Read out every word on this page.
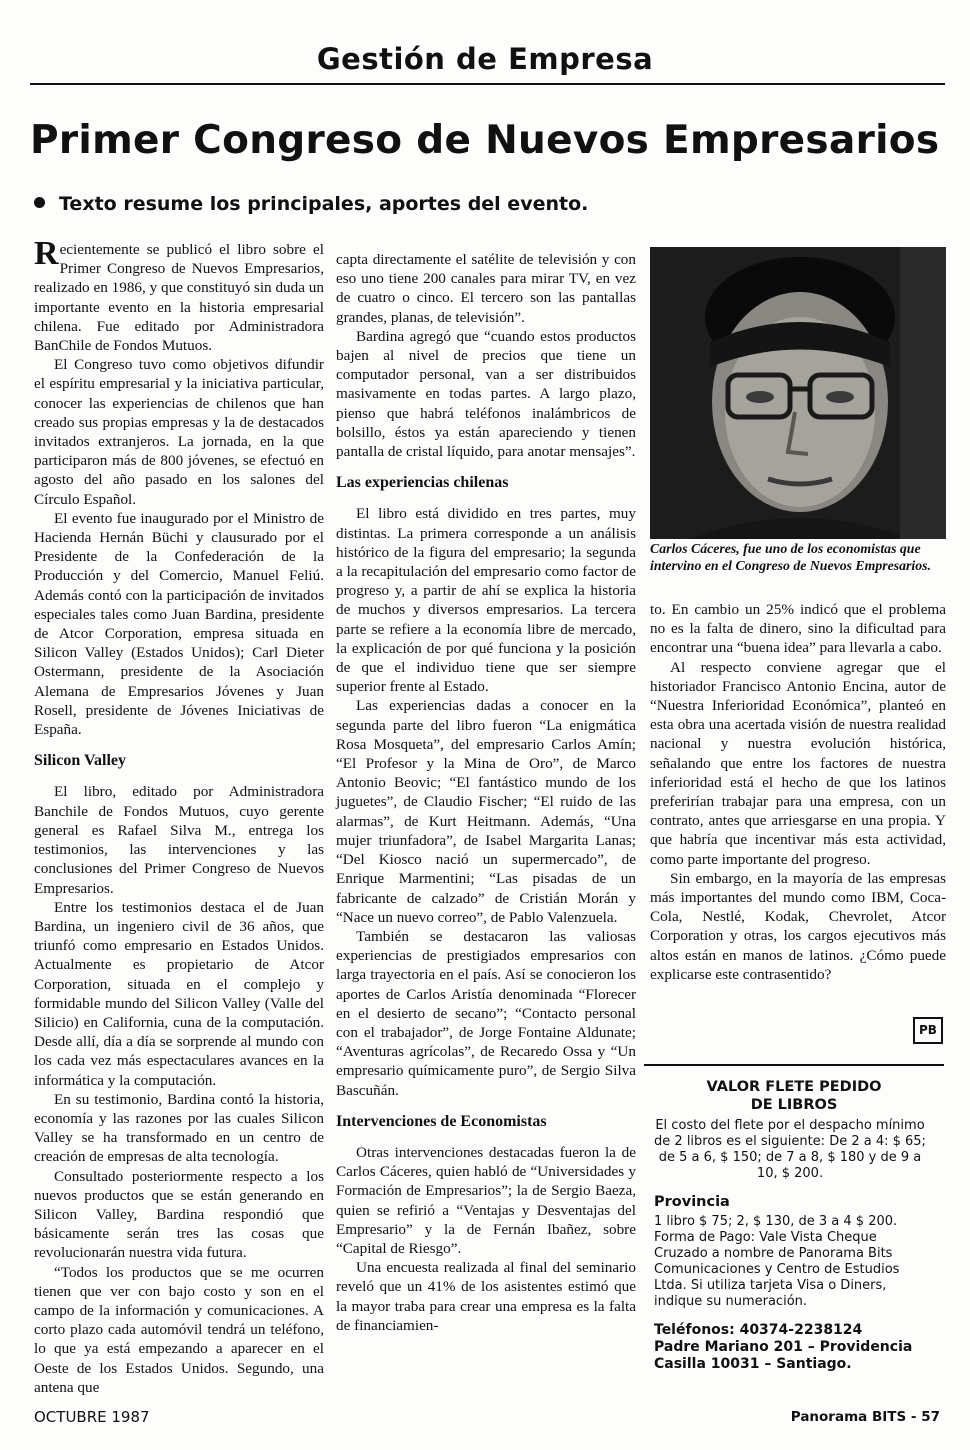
Gestión de Empresa
Primer Congreso de Nuevos Empresarios
Texto resume los principales, aportes del evento.

Recientemente se publicó el libro sobre el Primer Congreso de Nuevos Empresarios, realizado en 1986, y que constituyó sin duda un importante evento en la historia empresarial chilena. Fue editado por Administradora BanChile de Fondos Mutuos.

El Congreso tuvo como objetivos difundir el espíritu empresarial y la iniciativa particular, conocer las experiencias de chilenos que han creado sus propias empresas y la de destacados invitados extranjeros. La jornada, en la que participaron más de 800 jóvenes, se efectuó en agosto del año pasado en los salones del Círculo Español.

El evento fue inaugurado por el Ministro de Hacienda Hernán Büchi y clausurado por el Presidente de la Confederación de la Producción y del Comercio, Manuel Feliú. Además contó con la participación de invitados especiales tales como Juan Bardina, presidente de Atcor Corporation, empresa situada en Silicon Valley (Estados Unidos); Carl Dieter Ostermann, presidente de la Asociación Alemana de Empresarios Jóvenes y Juan Rosell, presidente de Jóvenes Iniciativas de España.

Silicon Valley

El libro, editado por Administradora Banchile de Fondos Mutuos, cuyo gerente general es Rafael Silva M., entrega los testimonios, las intervenciones y las conclusiones del Primer Congreso de Nuevos Empresarios.

Entre los testimonios destaca el de Juan Bardina, un ingeniero civil de 36 años, que triunfó como empresario en Estados Unidos. Actualmente es propietario de Atcor Corporation, situada en el complejo y formidable mundo del Silicon Valley (Valle del Silicio) en California, cuna de la computación. Desde allí, día a día se sorprende al mundo con los cada vez más espectaculares avances en la informática y la computación.

En su testimonio, Bardina contó la historia, economía y las razones por las cuales Silicon Valley se ha transformado en un centro de creación de empresas de alta tecnología.

Consultado posteriormente respecto a los nuevos productos que se están generando en Silicon Valley, Bardina respondió que básicamente serán tres las cosas que revolucionarán nuestra vida futura.

“Todos los productos que se me ocurren tienen que ver con bajo costo y son en el campo de la información y comunicaciones. A corto plazo cada automóvil tendrá un teléfono, lo que ya está empezando a aparecer en el Oeste de los Estados Unidos. Segundo, una antena que

capta directamente el satélite de televisión y con eso uno tiene 200 canales para mirar TV, en vez de cuatro o cinco. El tercero son las pantallas grandes, planas, de televisión”.

Bardina agregó que “cuando estos productos bajen al nivel de precios que tiene un computador personal, van a ser distribuidos masivamente en todas partes. A largo plazo, pienso que habrá teléfonos inalámbricos de bolsillo, éstos ya están apareciendo y tienen pantalla de cristal líquido, para anotar mensajes”.

Las experiencias chilenas

El libro está dividido en tres partes, muy distintas. La primera corresponde a un análisis histórico de la figura del empresario; la segunda a la recapitulación del empresario como factor de progreso y, a partir de ahí se explica la historia de muchos y diversos empresarios. La tercera parte se refiere a la economía libre de mercado, la explicación de por qué funciona y la posición de que el individuo tiene que ser siempre superior frente al Estado.

Las experiencias dadas a conocer en la segunda parte del libro fueron “La enigmática Rosa Mosqueta”, del empresario Carlos Amín; “El Profesor y la Mina de Oro”, de Marco Antonio Beovic; “El fantástico mundo de los juguetes”, de Claudio Fischer; “El ruido de las alarmas”, de Kurt Heitmann. Además, “Una mujer triunfadora”, de Isabel Margarita Lanas; “Del Kiosco nació un supermercado”, de Enrique Marmentini; “Las pisadas de un fabricante de calzado” de Cristián Morán y “Nace un nuevo correo”, de Pablo Valenzuela.

También se destacaron las valiosas experiencias de prestigiados empresarios con larga trayectoria en el país. Así se conocieron los aportes de Carlos Aristía denominada “Florecer en el desierto de secano”; “Contacto personal con el trabajador”, de Jorge Fontaine Aldunate; “Aventuras agrícolas”, de Recaredo Ossa y “Un empresario químicamente puro”, de Sergio Silva Bascuñán.

Intervenciones de Economistas

Otras intervenciones destacadas fueron la de Carlos Cáceres, quien habló de “Universidades y Formación de Empresarios”; la de Sergio Baeza, quien se refirió a “Ventajas y Desventajas del Empresario” y la de Fernán Ibañez, sobre “Capital de Riesgo”.

Una encuesta realizada al final del seminario reveló que un 41% de los asistentes estimó que la mayor traba para crear una empresa es la falta de financiamien-

Carlos Cáceres, fue uno de los economistas que intervino en el Congreso de Nuevos Empresarios.

to. En cambio un 25% indicó que el problema no es la falta de dinero, sino la dificultad para encontrar una “buena idea” para llevarla a cabo.

Al respecto conviene agregar que el historiador Francisco Antonio Encina, autor de “Nuestra Inferioridad Económica”, planteó en esta obra una acertada visión de nuestra realidad nacional y nuestra evolución histórica, señalando que entre los factores de nuestra inferioridad está el hecho de que los latinos preferirían trabajar para una empresa, con un contrato, antes que arriesgarse en una propia. Y que habría que incentivar más esta actividad, como parte importante del progreso.

Sin embargo, en la mayoría de las empresas más importantes del mundo como IBM, Coca-Cola, Nestlé, Kodak, Chevrolet, Atcor Corporation y otras, los cargos ejecutivos más altos están en manos de latinos. ¿Cómo puede explicarse este contrasentido?

PB
VALOR FLETE PEDIDO
DE LIBROS
El costo del flete por el despacho mínimo de 2 libros es el siguiente: De 2 a 4: $ 65; de 5 a 6, $ 150; de 7 a 8, $ 180 y de 9 a 10, $ 200.
Provincia
1 libro $ 75; 2, $ 130, de 3 a 4 $ 200. Forma de Pago: Vale Vista Cheque Cruzado a nombre de Panorama Bits Comunicaciones y Centro de Estudios Ltda. Si utiliza tarjeta Visa o Diners, indique su numeración.
Teléfonos: 40374-2238124
Padre Mariano 201 – Providencia
Casilla 10031 – Santiago.
OCTUBRE 1987	Panorama BITS - 57
